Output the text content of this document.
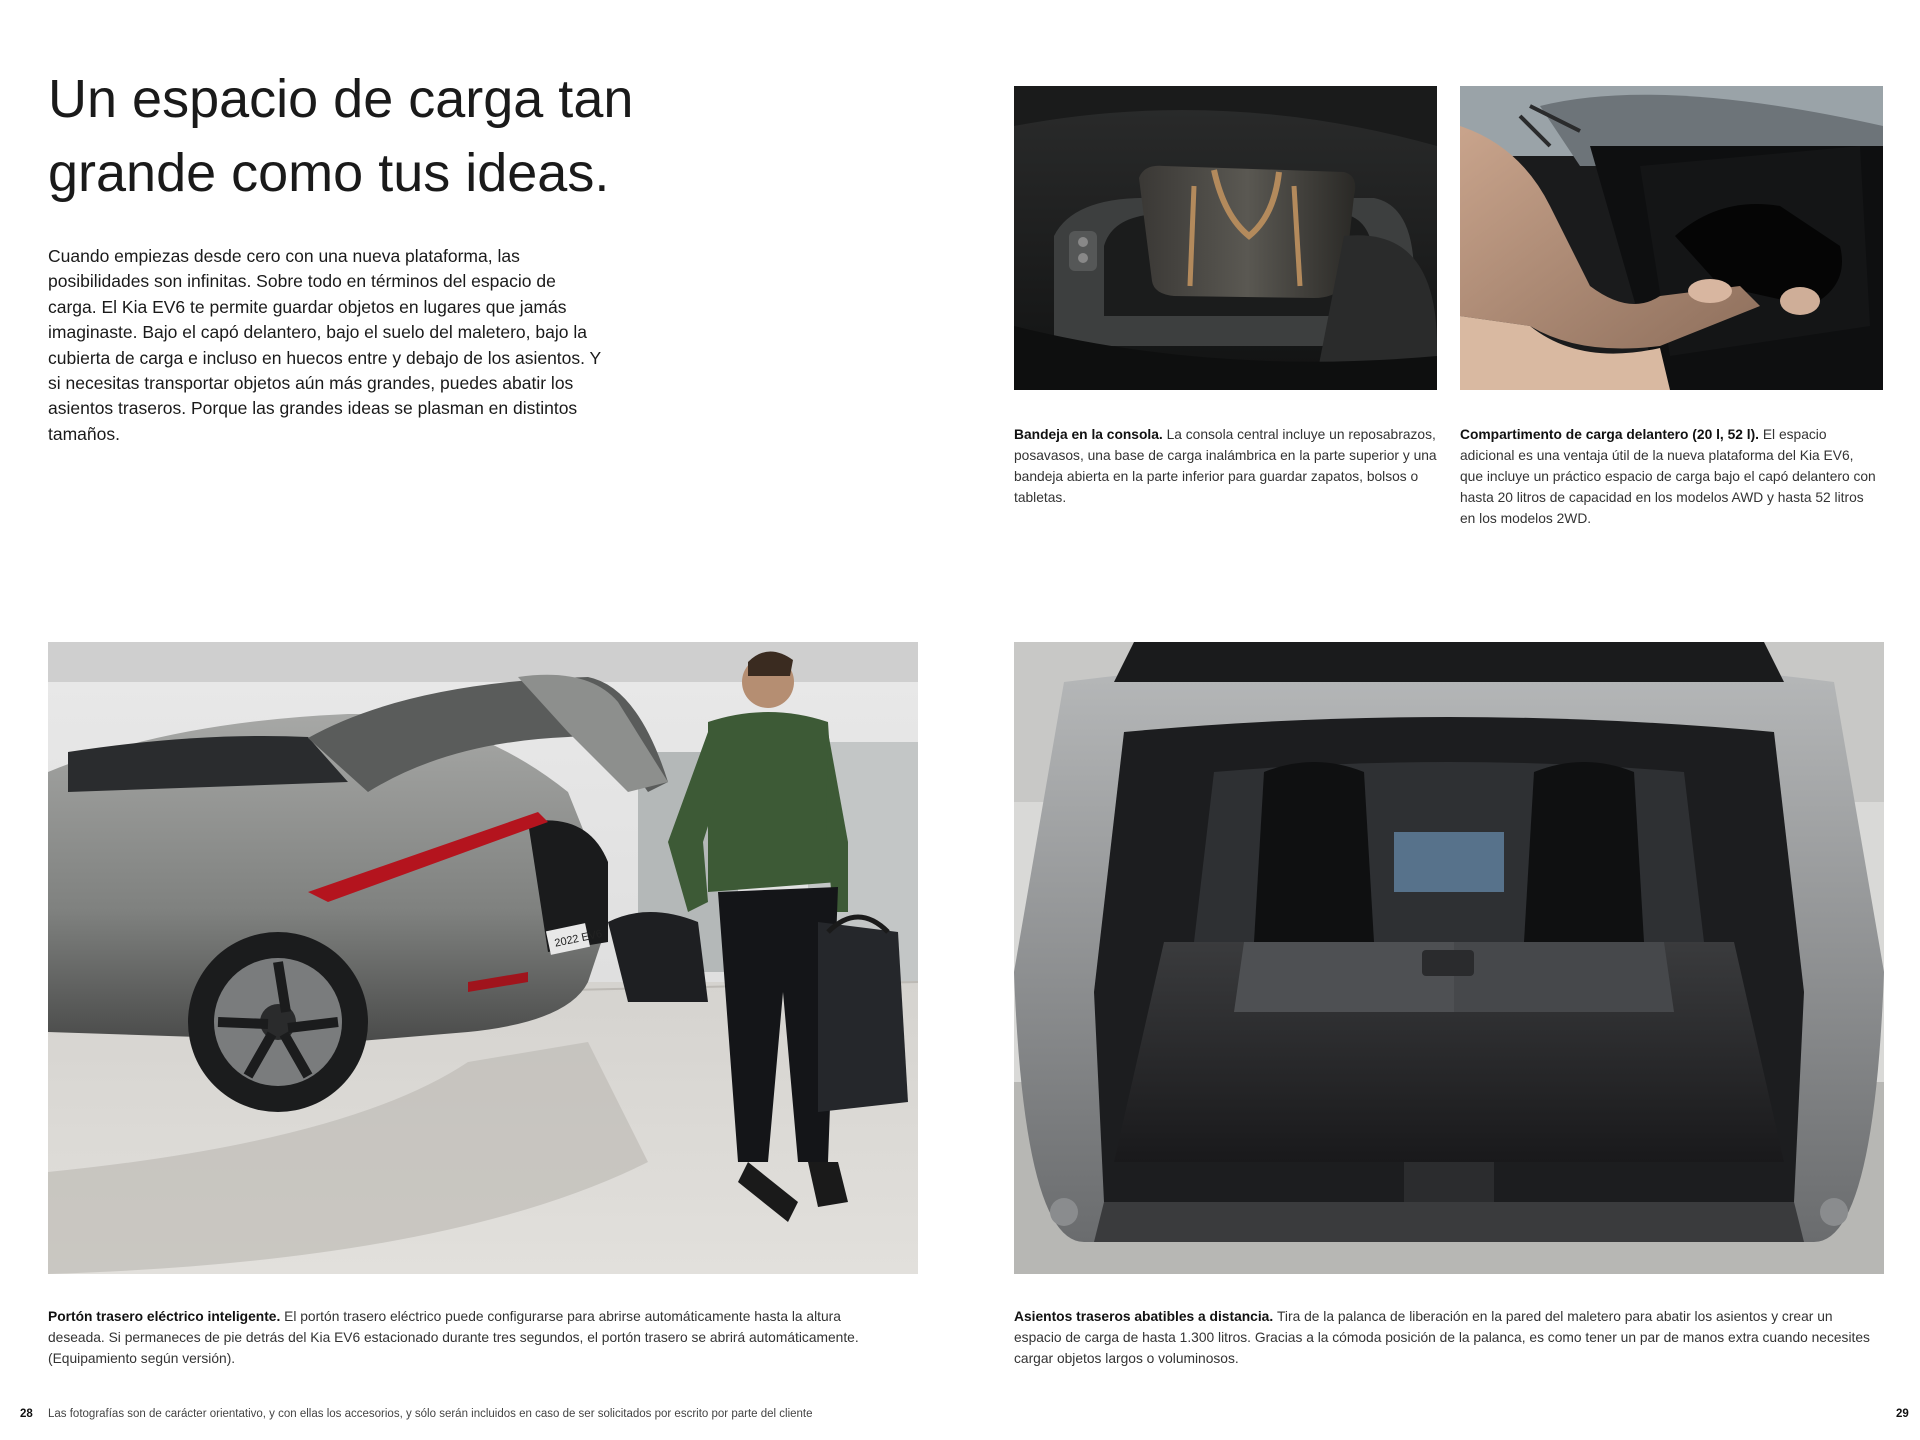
Un espacio de carga tan
grande como tus ideas.

Cuando empiezas desde cero con una nueva plataforma, las posibilidades son infinitas. Sobre todo en términos del espacio de carga. El Kia EV6 te permite guardar objetos en lugares que jamás imaginaste. Bajo el capó delantero, bajo el suelo del maletero, bajo la cubierta de carga e incluso en huecos entre y debajo de los asientos. Y si necesitas transportar objetos aún más grandes, puedes abatir los asientos traseros. Porque las grandes ideas se plasman en distintos tamaños.	Bandeja en la consola. La consola central incluye un reposabrazos, posavasos, una base de carga inalámbrica en la parte superior y una bandeja abierta en la parte inferior para guardar zapatos, bolsos o tabletas.

Compartimento de carga delantero (20 l, 52 l). El espacio adicional es una ventaja útil de la nueva plataforma del Kia EV6, que incluye un práctico espacio de carga bajo el capó delantero con hasta 20 litros de capacidad en los modelos AWD y hasta 52 litros en los modelos 2WD.

2022 EV6

Portón trasero eléctrico inteligente. El portón trasero eléctrico puede configurarse para abrirse automáticamente hasta la altura deseada. Si permaneces de pie detrás del Kia EV6 estacionado durante tres segundos, el portón trasero se abrirá automáticamente. (Equipamiento según versión).

Asientos traseros abatibles a distancia. Tira de la palanca de liberación en la pared del maletero para abatir los asientos y crear un espacio de carga de hasta 1.300 litros. Gracias a la cómoda posición de la palanca, es como tener un par de manos extra cuando necesites cargar objetos largos o voluminosos.

28 Las fotografías son de carácter orientativo, y con ellas los accesorios, y sólo serán incluidos en caso de ser solicitados por escrito por parte del cliente	29
